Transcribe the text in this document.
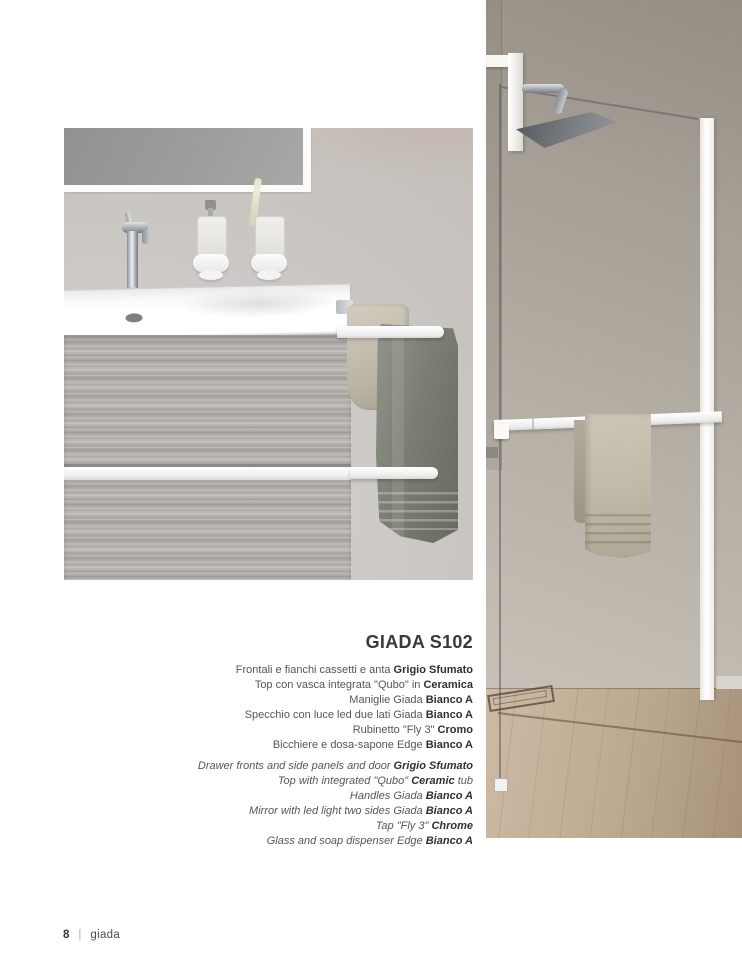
GIADA S102
Frontali e fianchi cassetti e anta Grigio Sfumato
Top con vasca integrata "Qubo" in Ceramica
Maniglie Giada Bianco A
Specchio con luce led due lati Giada Bianco A
Rubinetto "Fly 3" Cromo
Bicchiere e dosa-sapone Edge Bianco A
Drawer fronts and side panels and door Grigio Sfumato
Top with integrated "Qubo" Ceramic tub
Handles Giada Bianco A
Mirror with led light two sides Giada Bianco A
Tap "Fly 3" Chrome
Glass and soap dispenser Edge Bianco A
8 | giada
